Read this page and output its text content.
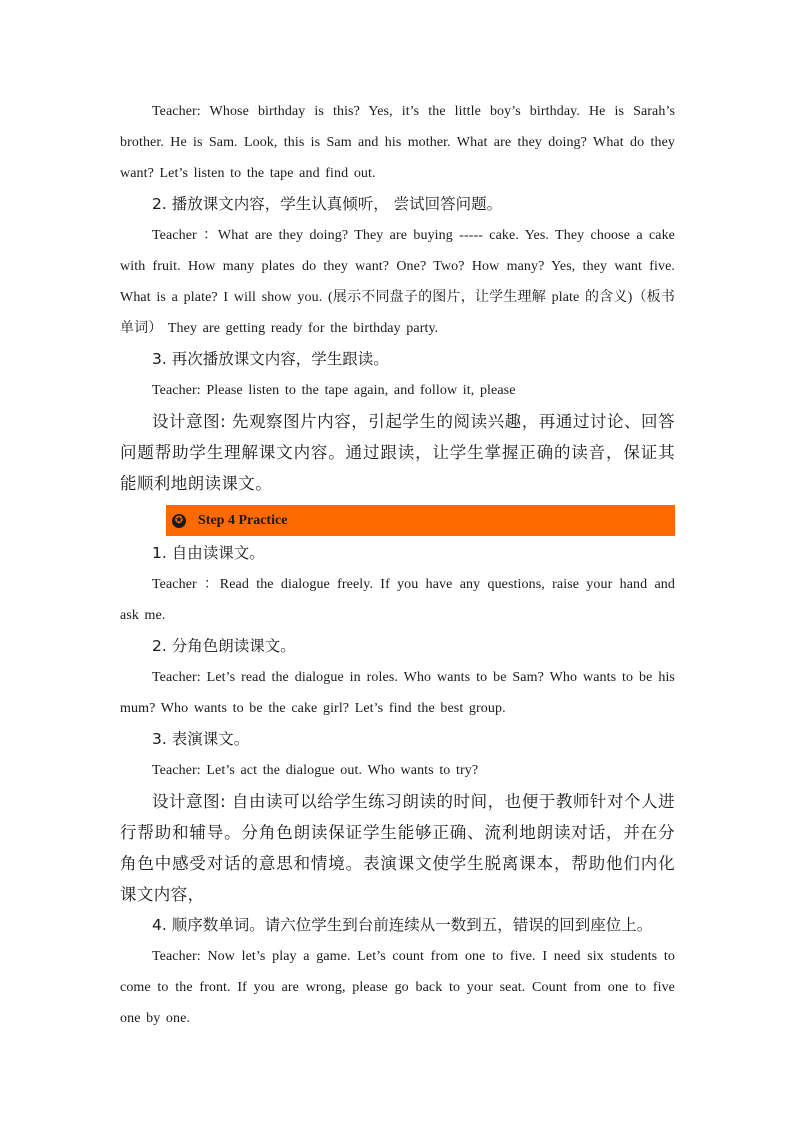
Teacher: Whose birthday is this? Yes, it’s the little boy’s birthday. He is Sarah’s brother. He is Sam. Look, this is Sam and his mother. What are they doing? What do they want? Let’s listen to the tape and find out.

2. 播放课文内容，学生认真倾听， 尝试回答问题。

Teacher ：What are they doing? They are buying ----- cake. Yes. They choose a cake with fruit. How many plates do they want? One? Two? How many? Yes, they want five. What is a plate? I will show you. (展示不同盘子的图片，让学生理解 plate 的含义)（板书单词） They are getting ready for the birthday party.

3. 再次播放课文内容，学生跟读。

Teacher: Please listen to the tape again, and follow it, please

设计意图: 先观察图片内容，引起学生的阅读兴趣，再通过讨论、回答问题帮助学生理解课文内容。通过跟读，让学生掌握正确的读音，保证其能顺利地朗读课文。

✪ Step 4 Practice

1. 自由读课文。

Teacher ：Read the dialogue freely. If you have any questions, raise your hand and ask me.

2. 分角色朗读课文。

Teacher: Let’s read the dialogue in roles. Who wants to be Sam? Who wants to be his mum? Who wants to be the cake girl? Let’s find the best group.

3. 表演课文。

Teacher: Let’s act the dialogue out. Who wants to try?

设计意图: 自由读可以给学生练习朗读的时间，也便于教师针对个人进行帮助和辅导。分角色朗读保证学生能够正确、流利地朗读对话，并在分角色中感受对话的意思和情境。表演课文使学生脱离课本，帮助他们内化课文内容，

4. 顺序数单词。请六位学生到台前连续从一数到五，错误的回到座位上。

Teacher: Now let’s play a game. Let’s count from one to five. I need six students to come to the front. If you are wrong, please go back to your seat. Count from one to five one by one.
